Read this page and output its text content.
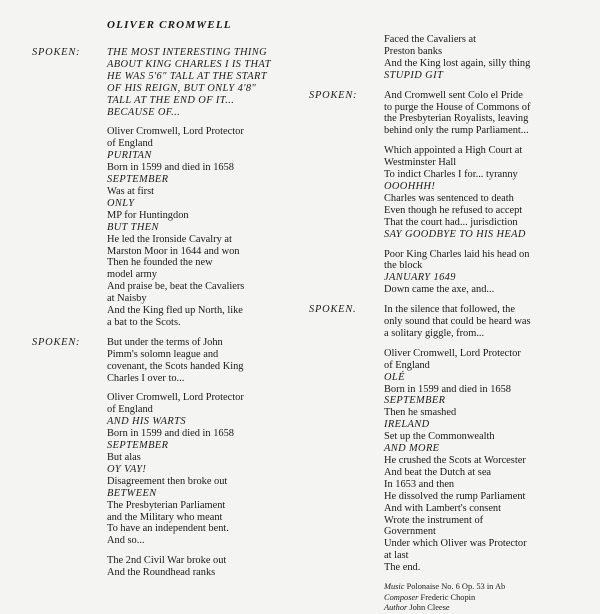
OLIVER CROMWELL
SPOKEN:	THE MOST INTERESTING THING
ABOUT KING CHARLES I IS THAT
HE WAS 5'6" TALL AT THE START
OF HIS REIGN, BUT ONLY 4'8"
TALL AT THE END OF IT...
BECAUSE OF...
Oliver Cromwell, Lord Protector
of England
PURITAN
Born in 1599 and died in 1658
SEPTEMBER
Was at first
ONLY
MP for Huntingdon
BUT THEN
He led the Ironside Cavalry at
Marston Moor in 1644 and won
Then he founded the new
model army
And praise be, beat the Cavaliers
at Naisby
And the King fled up North, like
a bat to the Scots.
SPOKEN:	But under the terms of John
Pimm's solomn league and
covenant, the Scots handed King
Charles I over to...
Oliver Cromwell, Lord Protector
of England
AND HIS WARTS
Born in 1599 and died in 1658
SEPTEMBER
But alas
OY VAY!
Disagreement then broke out
BETWEEN
The Presbyterian Parliament
and the Military who meant
To have an independent bent.
And so...
The 2nd Civil War broke out
And the Roundhead ranks
Faced the Cavaliers at
Preston banks
And the King lost again, silly thing
STUPID GIT
SPOKEN:	And Cromwell sent Colo el Pride
to purge the House of Commons of
the Presbyterian Royalists, leaving
behind only the rump Parliament...
Which appointed a High Court at
Westminster Hall
To indict Charles I for... tyranny
OOOHHH!
Charles was sentenced to death
Even though he refused to accept
That the court had... jurisdiction
SAY GOODBYE TO HIS HEAD
Poor King Charles laid his head on
the block
JANUARY 1649
Down came the axe, and...
SPOKEN.	In the silence that followed, the
only sound that could be heard was
a solitary giggle, from...
Oliver Cromwell, Lord Protector
of England
OLÉ
Born in 1599 and died in 1658
SEPTEMBER
Then he smashed
IRELAND
Set up the Commonwealth
AND MORE
He crushed the Scots at Worcester
And beat the Dutch at sea
In 1653 and then
He dissolved the rump Parliament
And with Lambert's consent
Wrote the instrument of
Government
Under which Oliver was Protector
at last
The end.
Music Polonaise No. 6 Op. 53 in Ab
Composer Frederic Chopin
Author John Cleese
